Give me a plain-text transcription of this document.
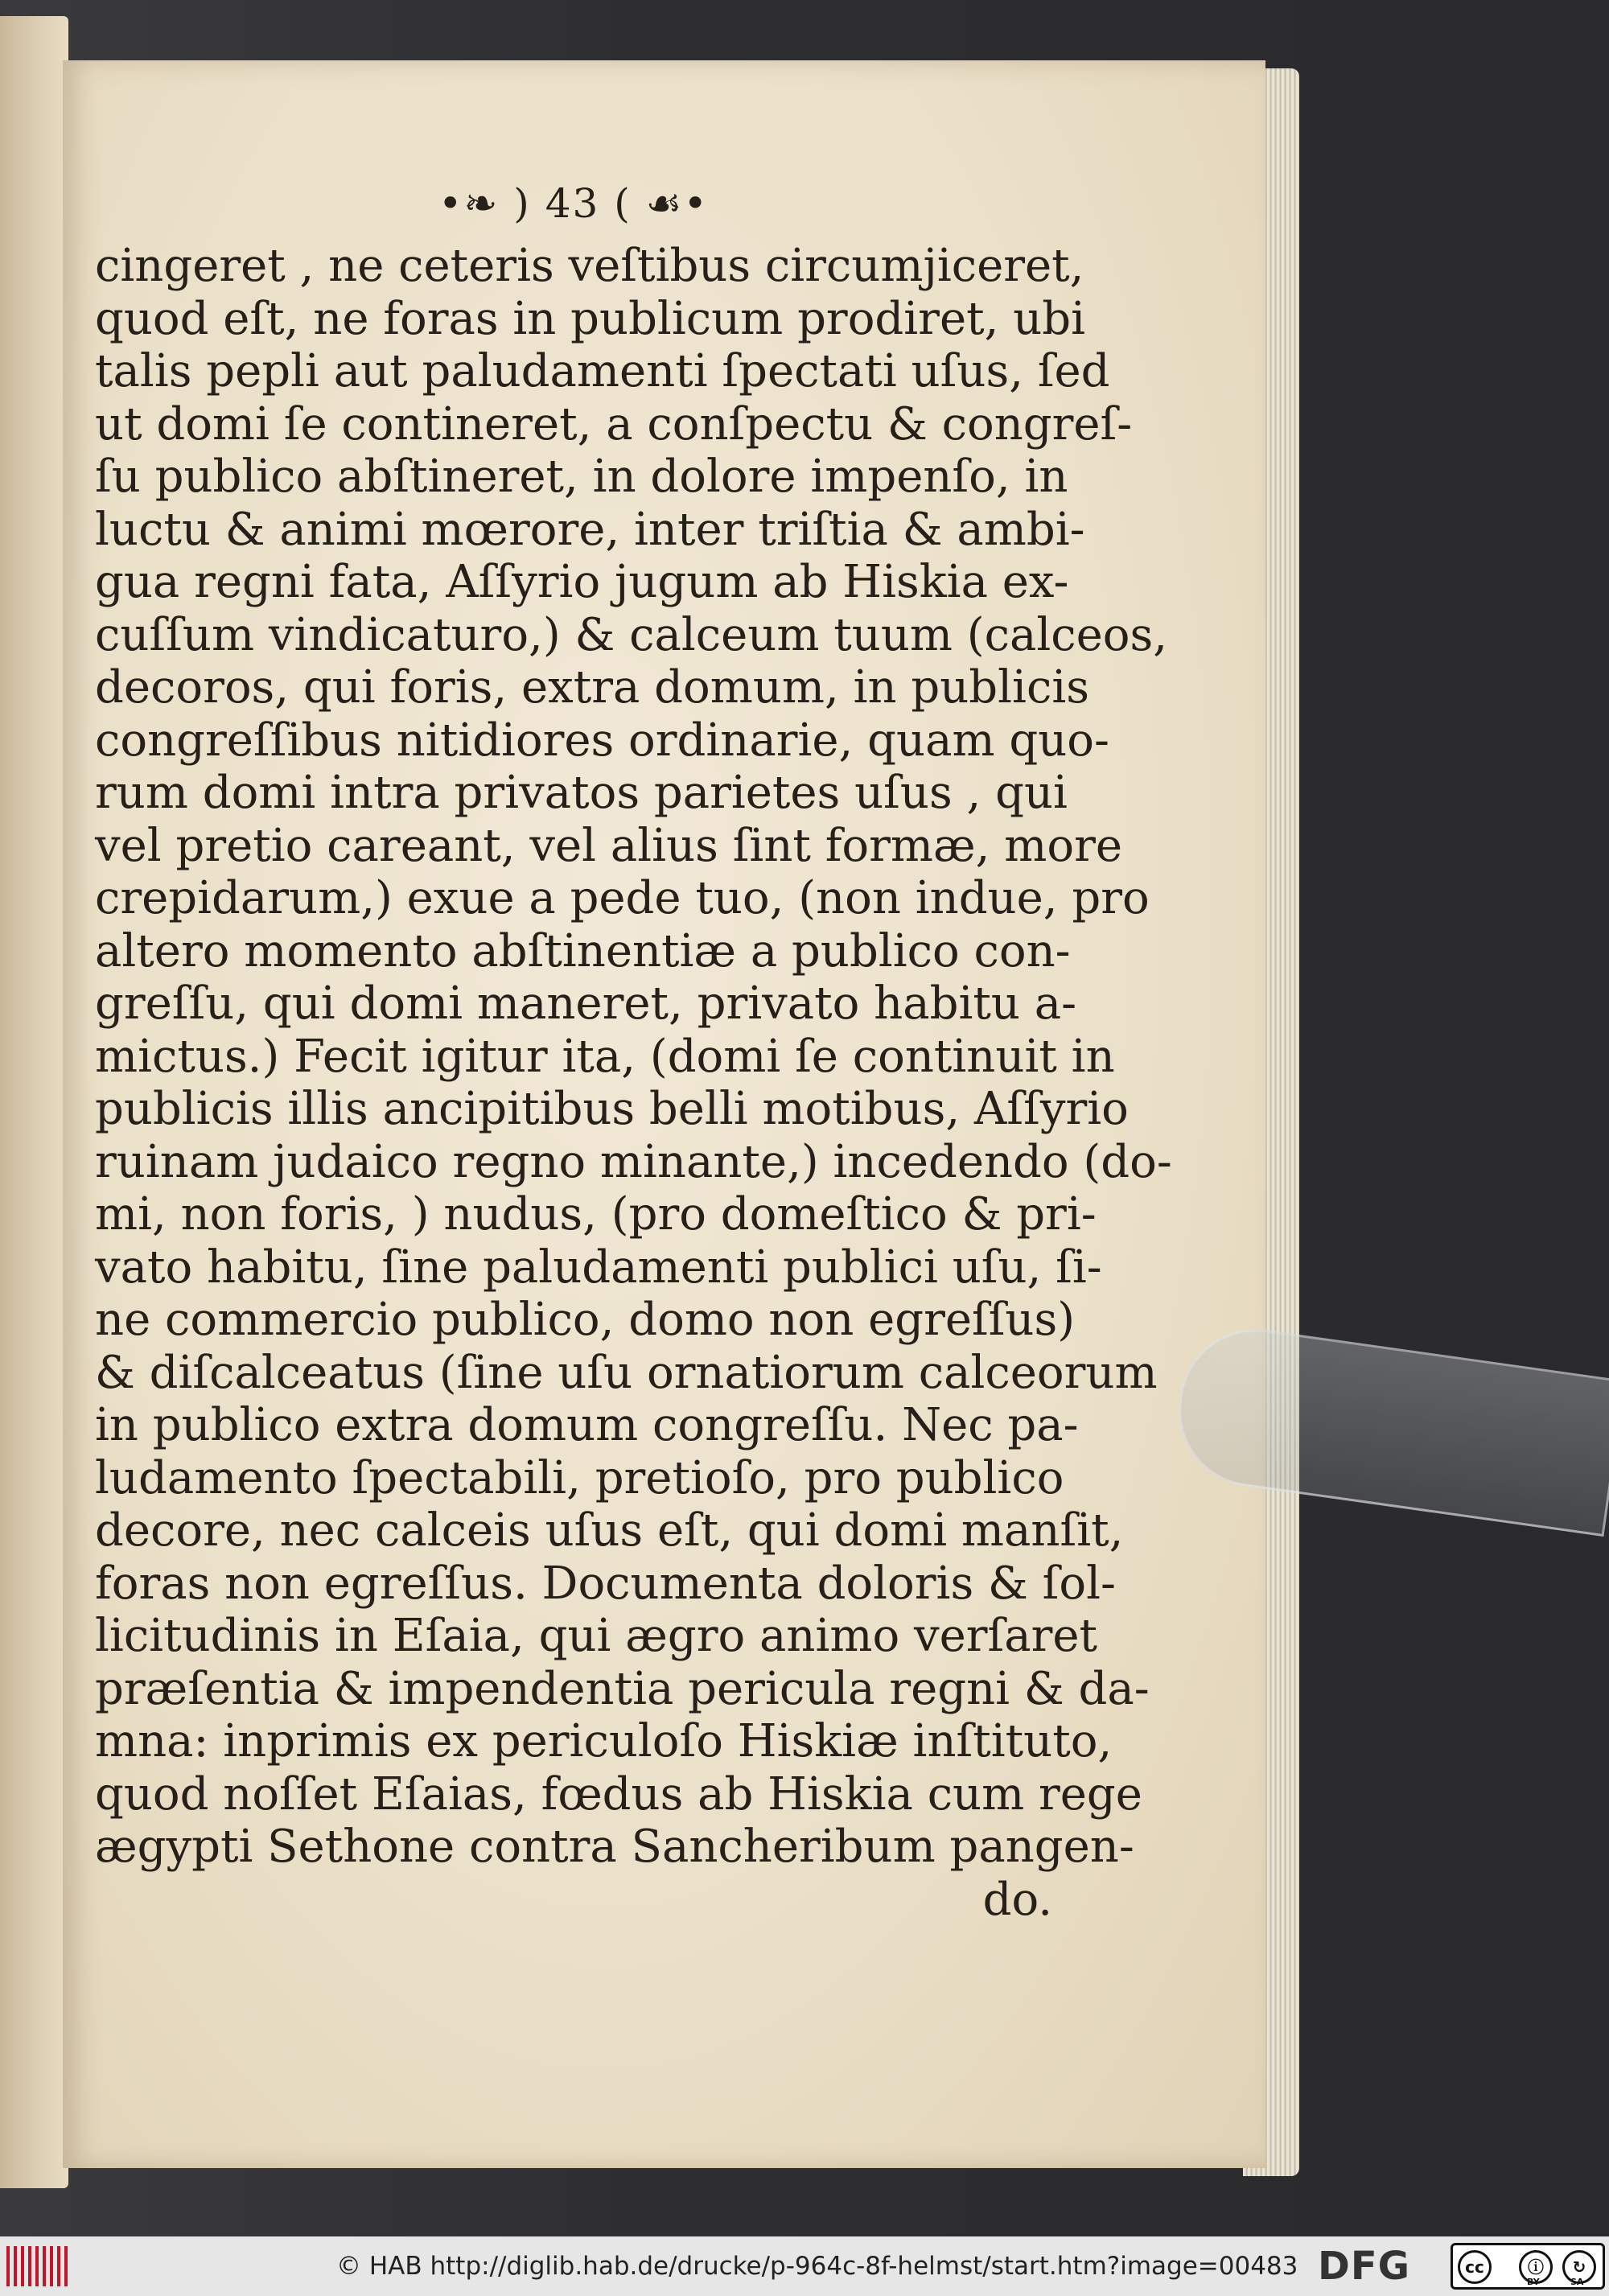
•❧ ) 43 ( ☙•
cingeret , ne ceteris veſtibus circumjiceret,
quod eſt, ne foras in publicum prodiret, ubi
talis pepli aut paludamenti ſpectati uſus, ſed
ut domi ſe contineret, a conſpectu & congreſ-
ſu publico abſtineret, in dolore impenſo, in
luctu & animi mœrore, inter triſtia & ambi-
gua regni fata, Aſſyrio jugum ab Hiskia ex-
cuſſum vindicaturo,) & calceum tuum (calceos,
decoros, qui foris, extra domum, in publicis
congreſſibus nitidiores ordinarie, quam quo-
rum domi intra privatos parietes uſus , qui
vel pretio careant, vel alius ſint formæ, more
crepidarum,) exue a pede tuo, (non indue, pro
altero momento abſtinentiæ a publico con-
greſſu, qui domi maneret, privato habitu a-
mictus.) Fecit igitur ita, (domi ſe continuit in
publicis illis ancipitibus belli motibus, Aſſyrio
ruinam judaico regno minante,) incedendo (do-
mi, non foris, ) nudus, (pro domeſtico & pri-
vato habitu, ſine paludamenti publici uſu, ſi-
ne commercio publico, domo non egreſſus)
& diſcalceatus (ſine uſu ornatiorum calceorum
in publico extra domum congreſſu. Nec pa-
ludamento ſpectabili, pretioſo, pro publico
decore, nec calceis uſus eſt, qui domi manſit,
foras non egreſſus. Documenta doloris & ſol-
licitudinis in Eſaia, qui ægro animo verſaret
præſentia & impendentia pericula regni & da-
mna: inprimis ex periculoſo Hiskiæ inſtituto,
quod noſſet Eſaias, fœdus ab Hiskia cum rege
ægypti Sethone contra Sancheribum pangen-
do.
© HAB http://diglib.hab.de/drucke/p-964c-8f-helmst/start.htm?image=00483 DFG	cc	ⓘ	↻
BY	SA
